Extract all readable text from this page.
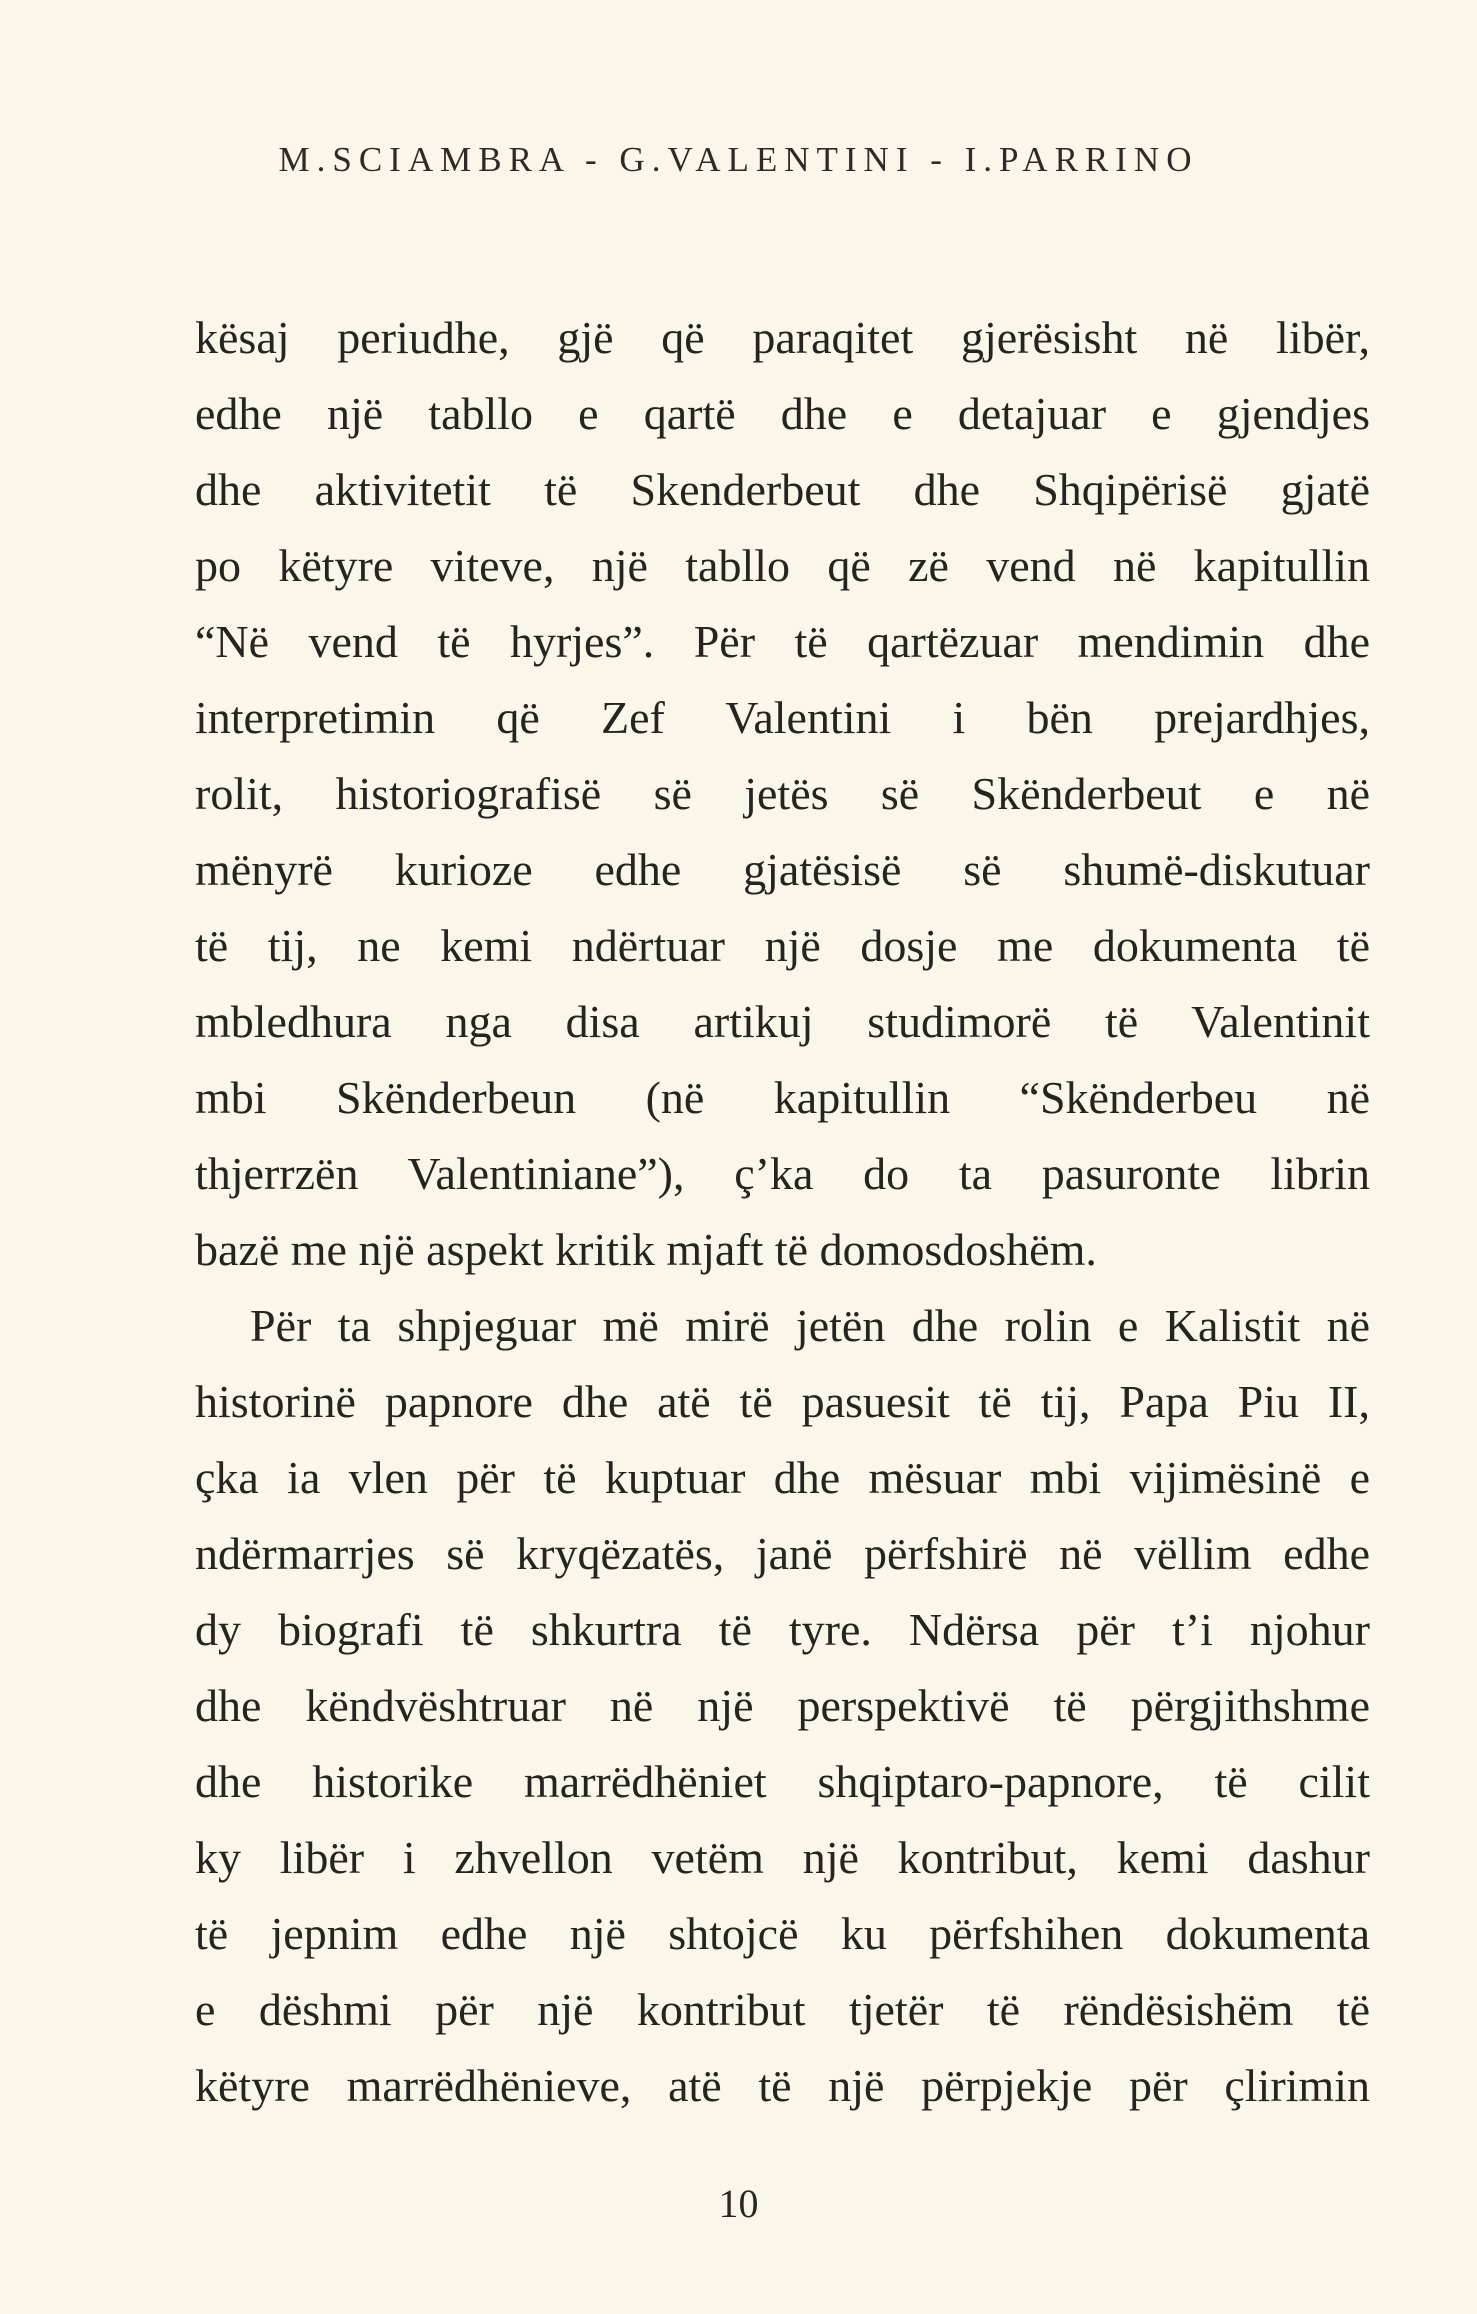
M.SCIAMBRA - G.VALENTINI - I.PARRINO
kësaj periudhe, gjë që paraqitet gjerësisht në libër,
edhe një tabllo e qartë dhe e detajuar e gjendjes
dhe aktivitetit të Skenderbeut dhe Shqipërisë gjatë
po këtyre viteve, një tabllo që zë vend në kapitullin
“Në vend të hyrjes”. Për të qartëzuar mendimin dhe
interpretimin që Zef Valentini i bën prejardhjes,
rolit, historiografisë së jetës së Skënderbeut e në
mënyrë kurioze edhe gjatësisë së shumë-diskutuar
të tij, ne kemi ndërtuar një dosje me dokumenta të
mbledhura nga disa artikuj studimorë të Valentinit
mbi Skënderbeun (në kapitullin “Skënderbeu në
thjerrzën Valentiniane”), ç’ka do ta pasuronte librin
bazë me një aspekt kritik mjaft të domosdoshëm.
Për ta shpjeguar më mirë jetën dhe rolin e Kalistit në
historinë papnore dhe atë të pasuesit të tij, Papa Piu II,
çka ia vlen për të kuptuar dhe mësuar mbi vijimësinë e
ndërmarrjes së kryqëzatës, janë përfshirë në vëllim edhe
dy biografi të shkurtra të tyre. Ndërsa për t’i njohur
dhe këndvështruar në një perspektivë të përgjithshme
dhe historike marrëdhëniet shqiptaro-papnore, të cilit
ky libër i zhvellon vetëm një kontribut, kemi dashur
të jepnim edhe një shtojcë ku përfshihen dokumenta
e dëshmi për një kontribut tjetër të rëndësishëm të
këtyre marrëdhënieve, atë të një përpjekje për çlirimin
10
